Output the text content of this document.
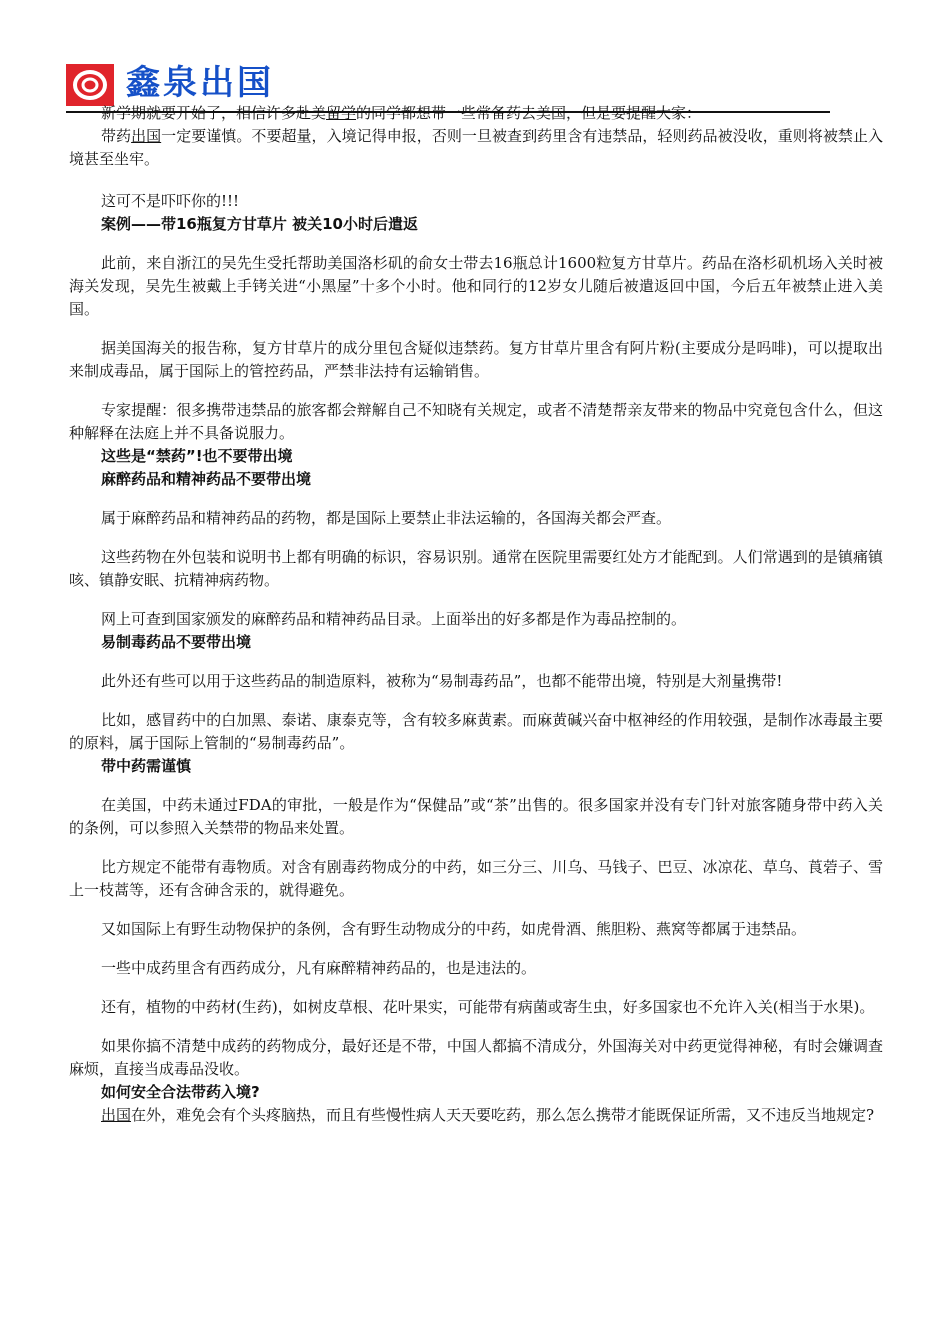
鑫泉出国

新学期就要开始了，相信许多赴美留学的同学都想带一些常备药去美国，但是要提醒大家：

带药出国一定要谨慎。不要超量，入境记得申报，否则一旦被查到药里含有违禁品，轻则药品被没收，重则将被禁止入境甚至坐牢。

这可不是吓吓你的!!!

案例——带16瓶复方甘草片 被关10小时后遣返

此前，来自浙江的吴先生受托帮助美国洛杉矶的俞女士带去16瓶总计1600粒复方甘草片。药品在洛杉矶机场入关时被海关发现，吴先生被戴上手铐关进“小黑屋”十多个小时。他和同行的12岁女儿随后被遣返回中国，今后五年被禁止进入美国。

据美国海关的报告称，复方甘草片的成分里包含疑似违禁药。复方甘草片里含有阿片粉(主要成分是吗啡)，可以提取出来制成毒品，属于国际上的管控药品，严禁非法持有运输销售。

专家提醒：很多携带违禁品的旅客都会辩解自己不知晓有关规定，或者不清楚帮亲友带来的物品中究竟包含什么，但这种解释在法庭上并不具备说服力。

这些是“禁药”!也不要带出境
麻醉药品和精神药品不要带出境

属于麻醉药品和精神药品的药物，都是国际上要禁止非法运输的，各国海关都会严查。

这些药物在外包装和说明书上都有明确的标识，容易识别。通常在医院里需要红处方才能配到。人们常遇到的是镇痛镇咳、镇静安眠、抗精神病药物。

网上可查到国家颁发的麻醉药品和精神药品目录。上面举出的好多都是作为毒品控制的。

易制毒药品不要带出境

此外还有些可以用于这些药品的制造原料，被称为“易制毒药品”，也都不能带出境，特别是大剂量携带!

比如，感冒药中的白加黑、泰诺、康泰克等，含有较多麻黄素。而麻黄碱兴奋中枢神经的作用较强，是制作冰毒最主要的原料，属于国际上管制的“易制毒药品”。

带中药需谨慎

在美国，中药未通过FDA的审批，一般是作为“保健品”或“茶”出售的。很多国家并没有专门针对旅客随身带中药入关的条例，可以参照入关禁带的物品来处置。

比方规定不能带有毒物质。对含有剧毒药物成分的中药，如三分三、川乌、马钱子、巴豆、冰凉花、草乌、莨菪子、雪上一枝蒿等，还有含砷含汞的，就得避免。

又如国际上有野生动物保护的条例，含有野生动物成分的中药，如虎骨酒、熊胆粉、燕窝等都属于违禁品。

一些中成药里含有西药成分，凡有麻醉精神药品的，也是违法的。

还有，植物的中药材(生药)，如树皮草根、花叶果实，可能带有病菌或寄生虫，好多国家也不允许入关(相当于水果)。

如果你搞不清楚中成药的药物成分，最好还是不带，中国人都搞不清成分，外国海关对中药更觉得神秘，有时会嫌调查麻烦，直接当成毒品没收。

如何安全合法带药入境?

出国在外，难免会有个头疼脑热，而且有些慢性病人天天要吃药，那么怎么携带才能既保证所需，又不违反当地规定?
